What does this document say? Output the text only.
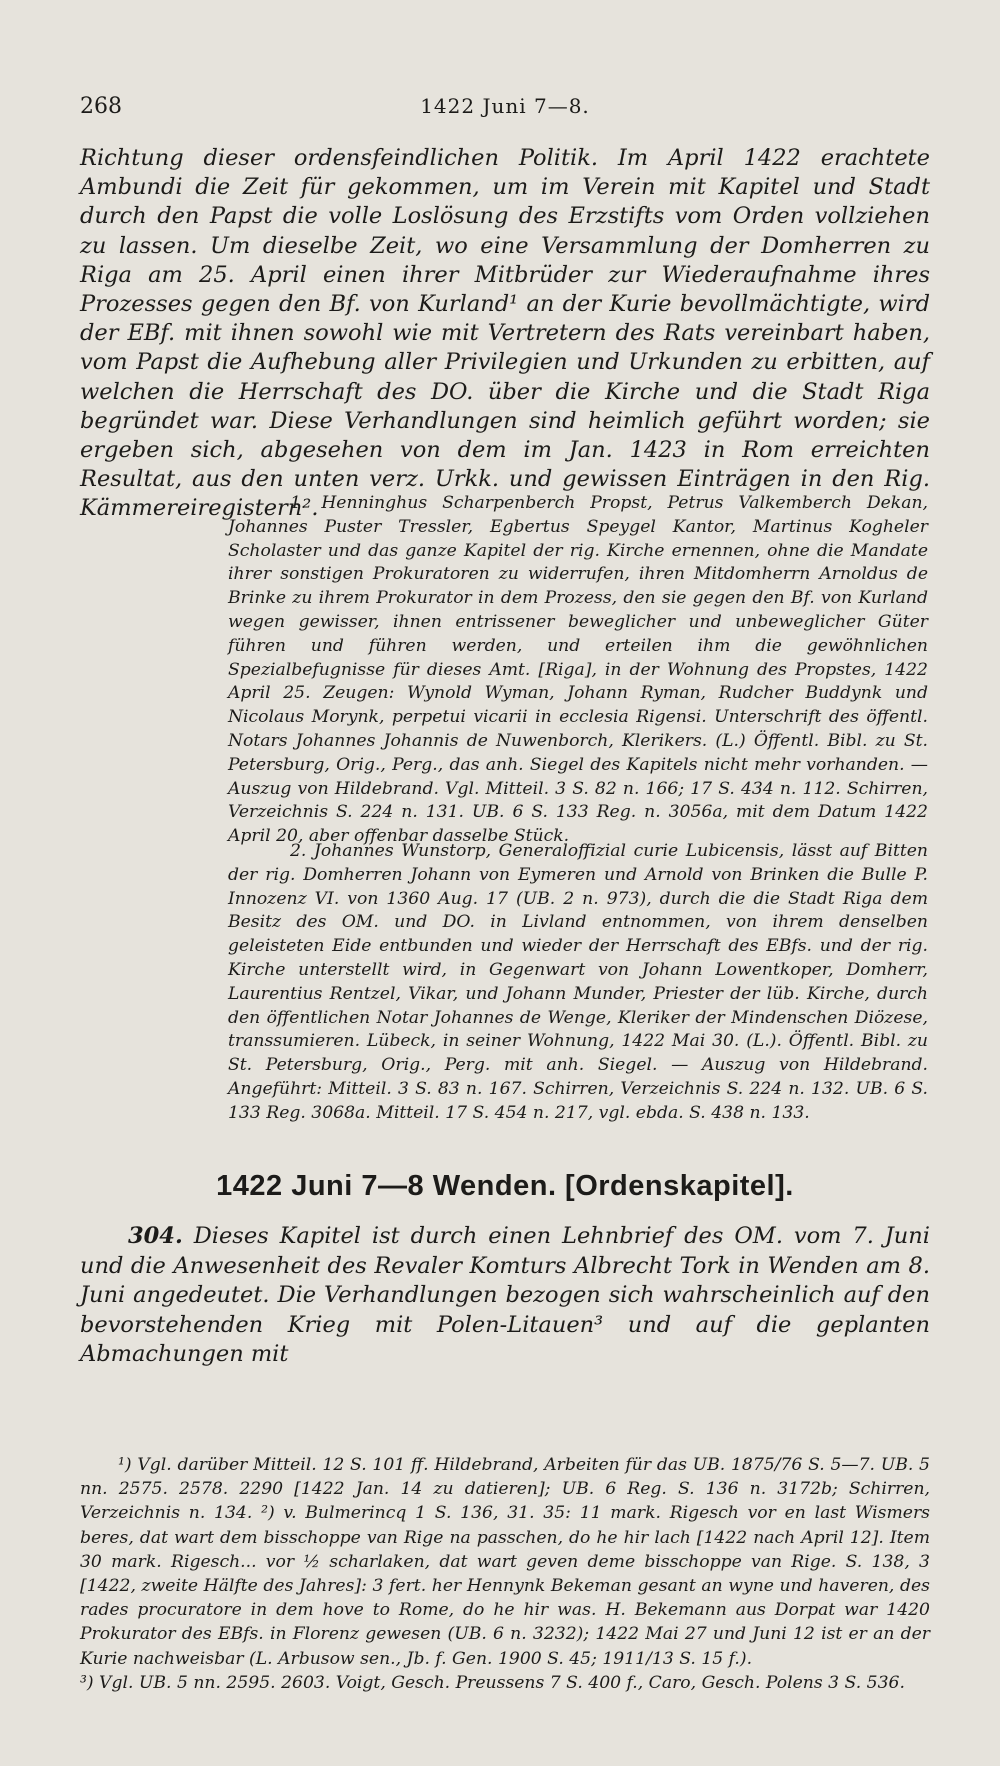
268	1422 Juni 7—8.

Richtung dieser ordensfeindlichen Politik. Im April 1422 erachtete Ambundi die Zeit für gekommen, um im Verein mit Kapitel und Stadt durch den Papst die volle Loslösung des Erzstifts vom Orden vollziehen zu lassen. Um dieselbe Zeit, wo eine Versammlung der Domherren zu Riga am 25. April einen ihrer Mitbrüder zur Wiederaufnahme ihres Prozesses gegen den Bf. von Kurland¹ an der Kurie bevollmächtigte, wird der EBf. mit ihnen sowohl wie mit Vertretern des Rats vereinbart haben, vom Papst die Aufhebung aller Privilegien und Urkunden zu erbitten, auf welchen die Herrschaft des DO. über die Kirche und die Stadt Riga begründet war. Diese Verhandlungen sind heimlich geführt worden; sie ergeben sich, abgesehen von dem im Jan. 1423 in Rom erreichten Resultat, aus den unten verz. Urkk. und gewissen Einträgen in den Rig. Kämmereiregistern².

1. Henninghus Scharpenberch Propst, Petrus Valkemberch Dekan, Johannes Puster Tressler, Egbertus Speygel Kantor, Martinus Kogheler Scholaster und das ganze Kapitel der rig. Kirche ernennen, ohne die Mandate ihrer sonstigen Prokuratoren zu widerrufen, ihren Mitdomherrn Arnoldus de Brinke zu ihrem Prokurator in dem Prozess, den sie gegen den Bf. von Kurland wegen gewisser, ihnen entrissener beweglicher und unbeweglicher Güter führen und führen werden, und erteilen ihm die gewöhnlichen Spezialbefugnisse für dieses Amt. [Riga], in der Wohnung des Propstes, 1422 April 25. Zeugen: Wynold Wyman, Johann Ryman, Rudcher Buddynk und Nicolaus Morynk, perpetui vicarii in ecclesia Rigensi. Unterschrift des öffentl. Notars Johannes Johannis de Nuwenborch, Klerikers. (L.) Öffentl. Bibl. zu St. Petersburg, Orig., Perg., das anh. Siegel des Kapitels nicht mehr vorhanden. — Auszug von Hildebrand. Vgl. Mitteil. 3 S. 82 n. 166; 17 S. 434 n. 112. Schirren, Verzeichnis S. 224 n. 131. UB. 6 S. 133 Reg. n. 3056a, mit dem Datum 1422 April 20, aber offenbar dasselbe Stück.

2. Johannes Wunstorp, Generaloffizial curie Lubicensis, lässt auf Bitten der rig. Domherren Johann von Eymeren und Arnold von Brinken die Bulle P. Innozenz VI. von 1360 Aug. 17 (UB. 2 n. 973), durch die die Stadt Riga dem Besitz des OM. und DO. in Livland entnommen, von ihrem denselben geleisteten Eide entbunden und wieder der Herrschaft des EBfs. und der rig. Kirche unterstellt wird, in Gegenwart von Johann Lowentkoper, Domherr, Laurentius Rentzel, Vikar, und Johann Munder, Priester der lüb. Kirche, durch den öffentlichen Notar Johannes de Wenge, Kleriker der Mindenschen Diözese, transsumieren. Lübeck, in seiner Wohnung, 1422 Mai 30. (L.). Öffentl. Bibl. zu St. Petersburg, Orig., Perg. mit anh. Siegel. — Auszug von Hildebrand. Angeführt: Mitteil. 3 S. 83 n. 167. Schirren, Verzeichnis S. 224 n. 132. UB. 6 S. 133 Reg. 3068a. Mitteil. 17 S. 454 n. 217, vgl. ebda. S. 438 n. 133.

1422 Juni 7—8 Wenden. [Ordenskapitel].

304. Dieses Kapitel ist durch einen Lehnbrief des OM. vom 7. Juni und die Anwesenheit des Revaler Komturs Albrecht Tork in Wenden am 8. Juni angedeutet. Die Verhandlungen bezogen sich wahrscheinlich auf den bevorstehenden Krieg mit Polen-Litauen³ und auf die geplanten Abmachungen mit

¹) Vgl. darüber Mitteil. 12 S. 101 ff. Hildebrand, Arbeiten für das UB. 1875/76 S. 5—7. UB. 5 nn. 2575. 2578. 2290 [1422 Jan. 14 zu datieren]; UB. 6 Reg. S. 136 n. 3172b; Schirren, Verzeichnis n. 134. ²) v. Bulmerincq 1 S. 136, 31. 35: 11 mark. Rigesch vor en last Wismers beres, dat wart dem bisschoppe van Rige na passchen, do he hir lach [1422 nach April 12]. Item 30 mark. Rigesch... vor ½ scharlaken, dat wart geven deme bisschoppe van Rige. S. 138, 3 [1422, zweite Hälfte des Jahres]: 3 fert. her Hennynk Bekeman gesant an wyne und haveren, des rades procuratore in dem hove to Rome, do he hir was. H. Bekemann aus Dorpat war 1420 Prokurator des EBfs. in Florenz gewesen (UB. 6 n. 3232); 1422 Mai 27 und Juni 12 ist er an der Kurie nachweisbar (L. Arbusow sen., Jb. f. Gen. 1900 S. 45; 1911/13 S. 15 f.).
³) Vgl. UB. 5 nn. 2595. 2603. Voigt, Gesch. Preussens 7 S. 400 f., Caro, Gesch. Polens 3 S. 536.
